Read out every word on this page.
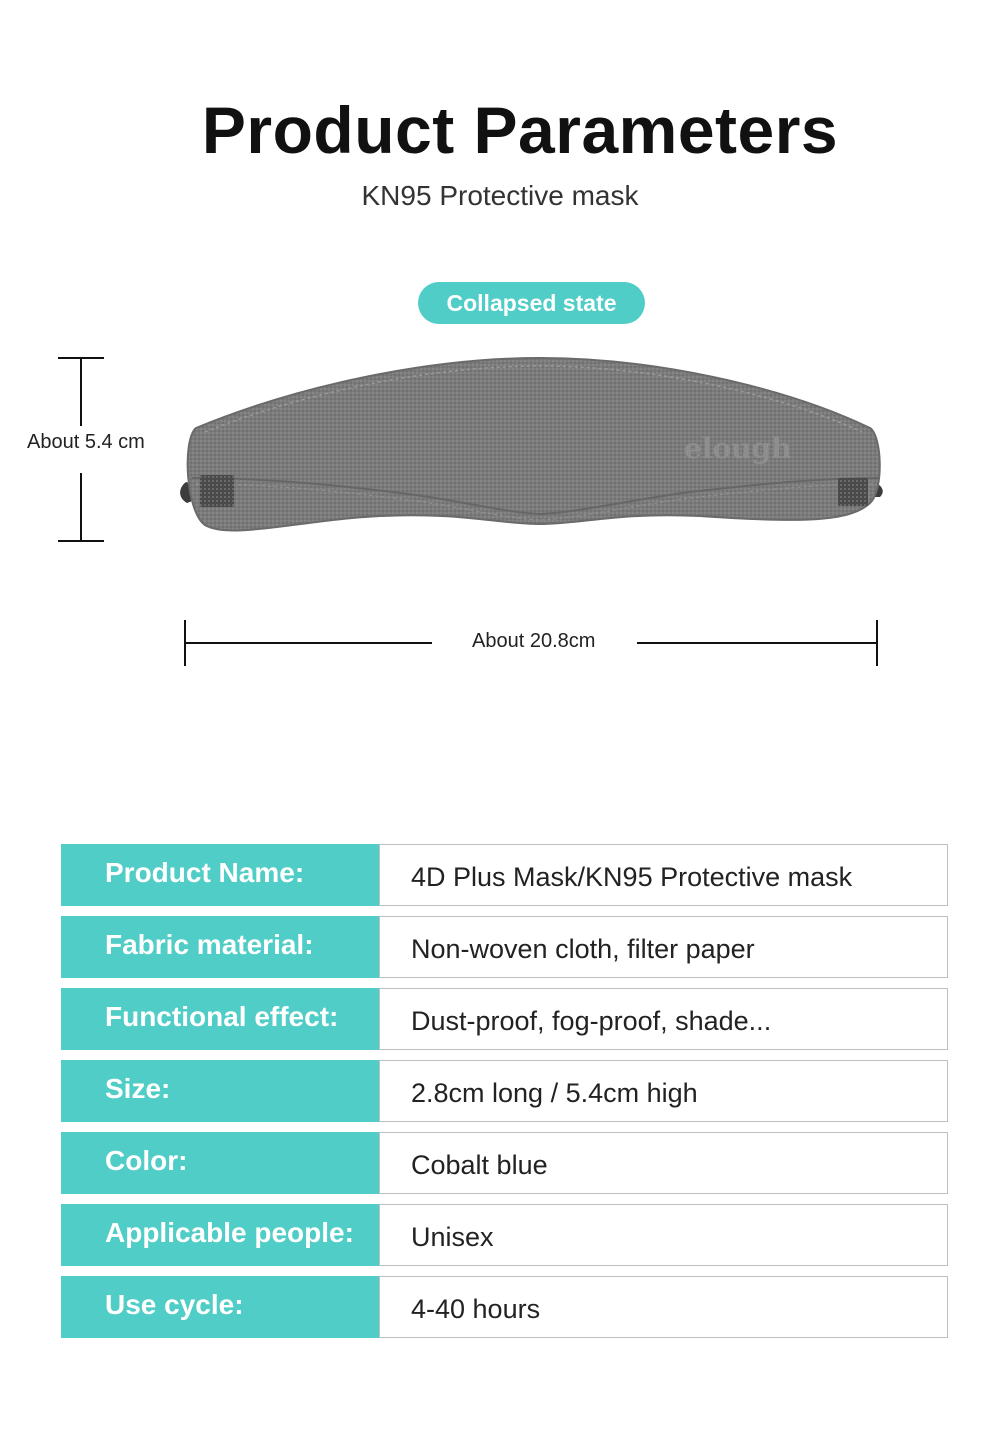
Product Parameters
KN95 Protective mask
Collapsed state
elough
About 5.4 cm
About 20.8cm
Product Name:	4D Plus Mask/KN95 Protective mask
Fabric material:	Non-woven cloth, filter paper
Functional effect:	Dust-proof, fog-proof, shade...
Size:	2.8cm long / 5.4cm high
Color:	Cobalt blue
Applicable people:	Unisex
Use cycle:	4-40 hours
